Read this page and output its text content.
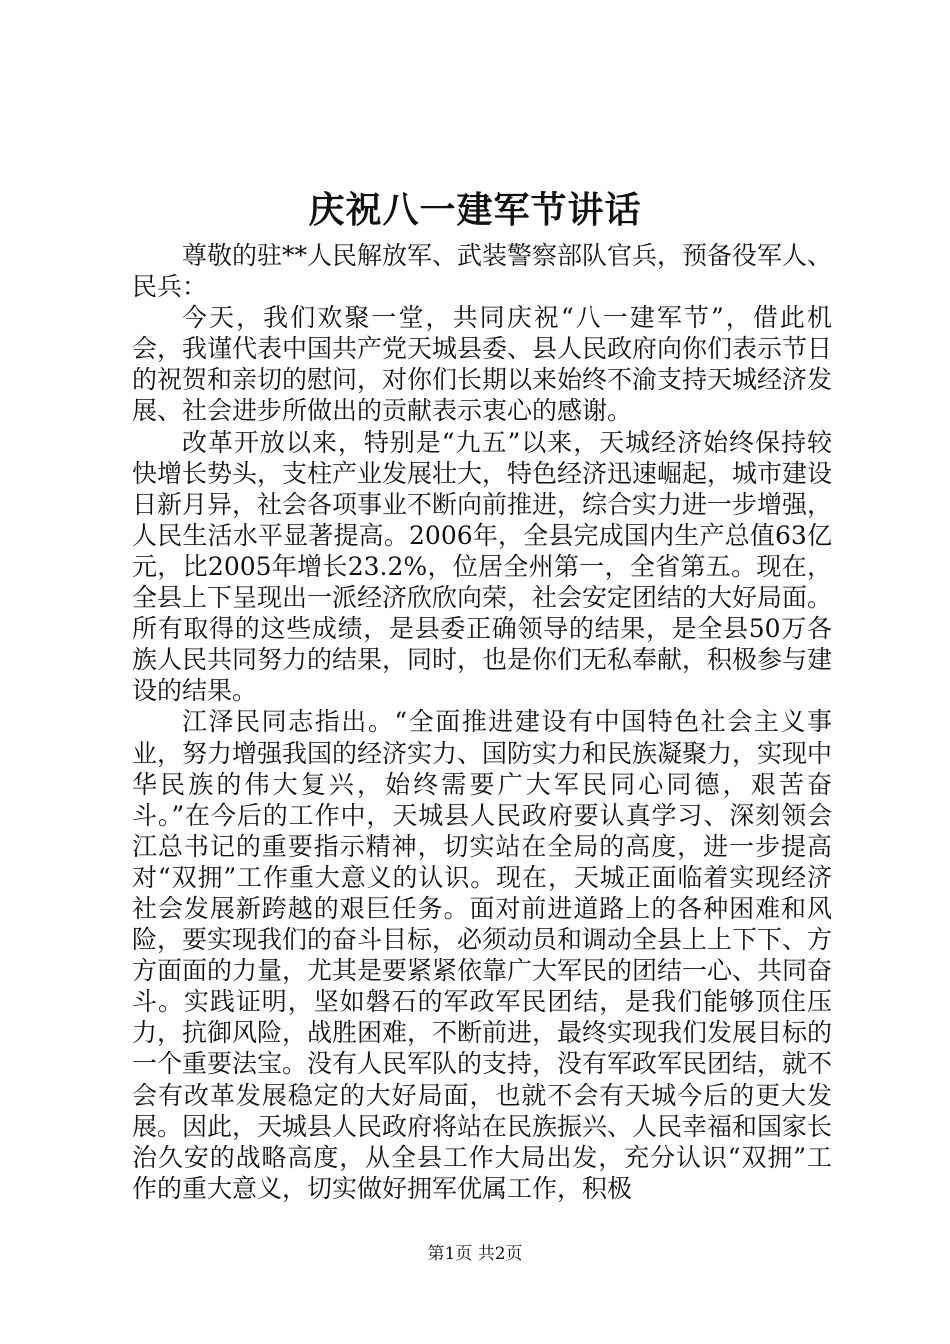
庆祝八一建军节讲话

尊敬的驻**人民解放军、武装警察部队官兵，预备役军人、民兵：

今天，我们欢聚一堂，共同庆祝“八一建军节”，借此机会，我谨代表中国共产党天城县委、县人民政府向你们表示节日的祝贺和亲切的慰问，对你们长期以来始终不渝支持天城经济发展、社会进步所做出的贡献表示衷心的感谢。

改革开放以来，特别是“九五”以来，天城经济始终保持较快增长势头，支柱产业发展壮大，特色经济迅速崛起，城市建设日新月异，社会各项事业不断向前推进，综合实力进一步增强，人民生活水平显著提高。2006年，全县完成国内生产总值63亿元，比2005年增长23.2%，位居全州第一，全省第五。现在，全县上下呈现出一派经济欣欣向荣，社会安定团结的大好局面。所有取得的这些成绩，是县委正确领导的结果，是全县50万各族人民共同努力的结果，同时，也是你们无私奉献，积极参与建设的结果。

江泽民同志指出。“全面推进建设有中国特色社会主义事业，努力增强我国的经济实力、国防实力和民族凝聚力，实现中华民族的伟大复兴，始终需要广大军民同心同德，艰苦奋斗。”在今后的工作中，天城县人民政府要认真学习、深刻领会江总书记的重要指示精神，切实站在全局的高度，进一步提高对“双拥”工作重大意义的认识。现在，天城正面临着实现经济社会发展新跨越的艰巨任务。面对前进道路上的各种困难和风险，要实现我们的奋斗目标，必须动员和调动全县上上下下、方方面面的力量，尤其是要紧紧依靠广大军民的团结一心、共同奋斗。实践证明，坚如磐石的军政军民团结，是我们能够顶住压力，抗御风险，战胜困难，不断前进，最终实现我们发展目标的一个重要法宝。没有人民军队的支持，没有军政军民团结，就不会有改革发展稳定的大好局面，也就不会有天城今后的更大发展。因此，天城县人民政府将站在民族振兴、人民幸福和国家长治久安的战略高度，从全县工作大局出发，充分认识“双拥”工作的重大意义，切实做好拥军优属工作，积极

第1页 共2页
